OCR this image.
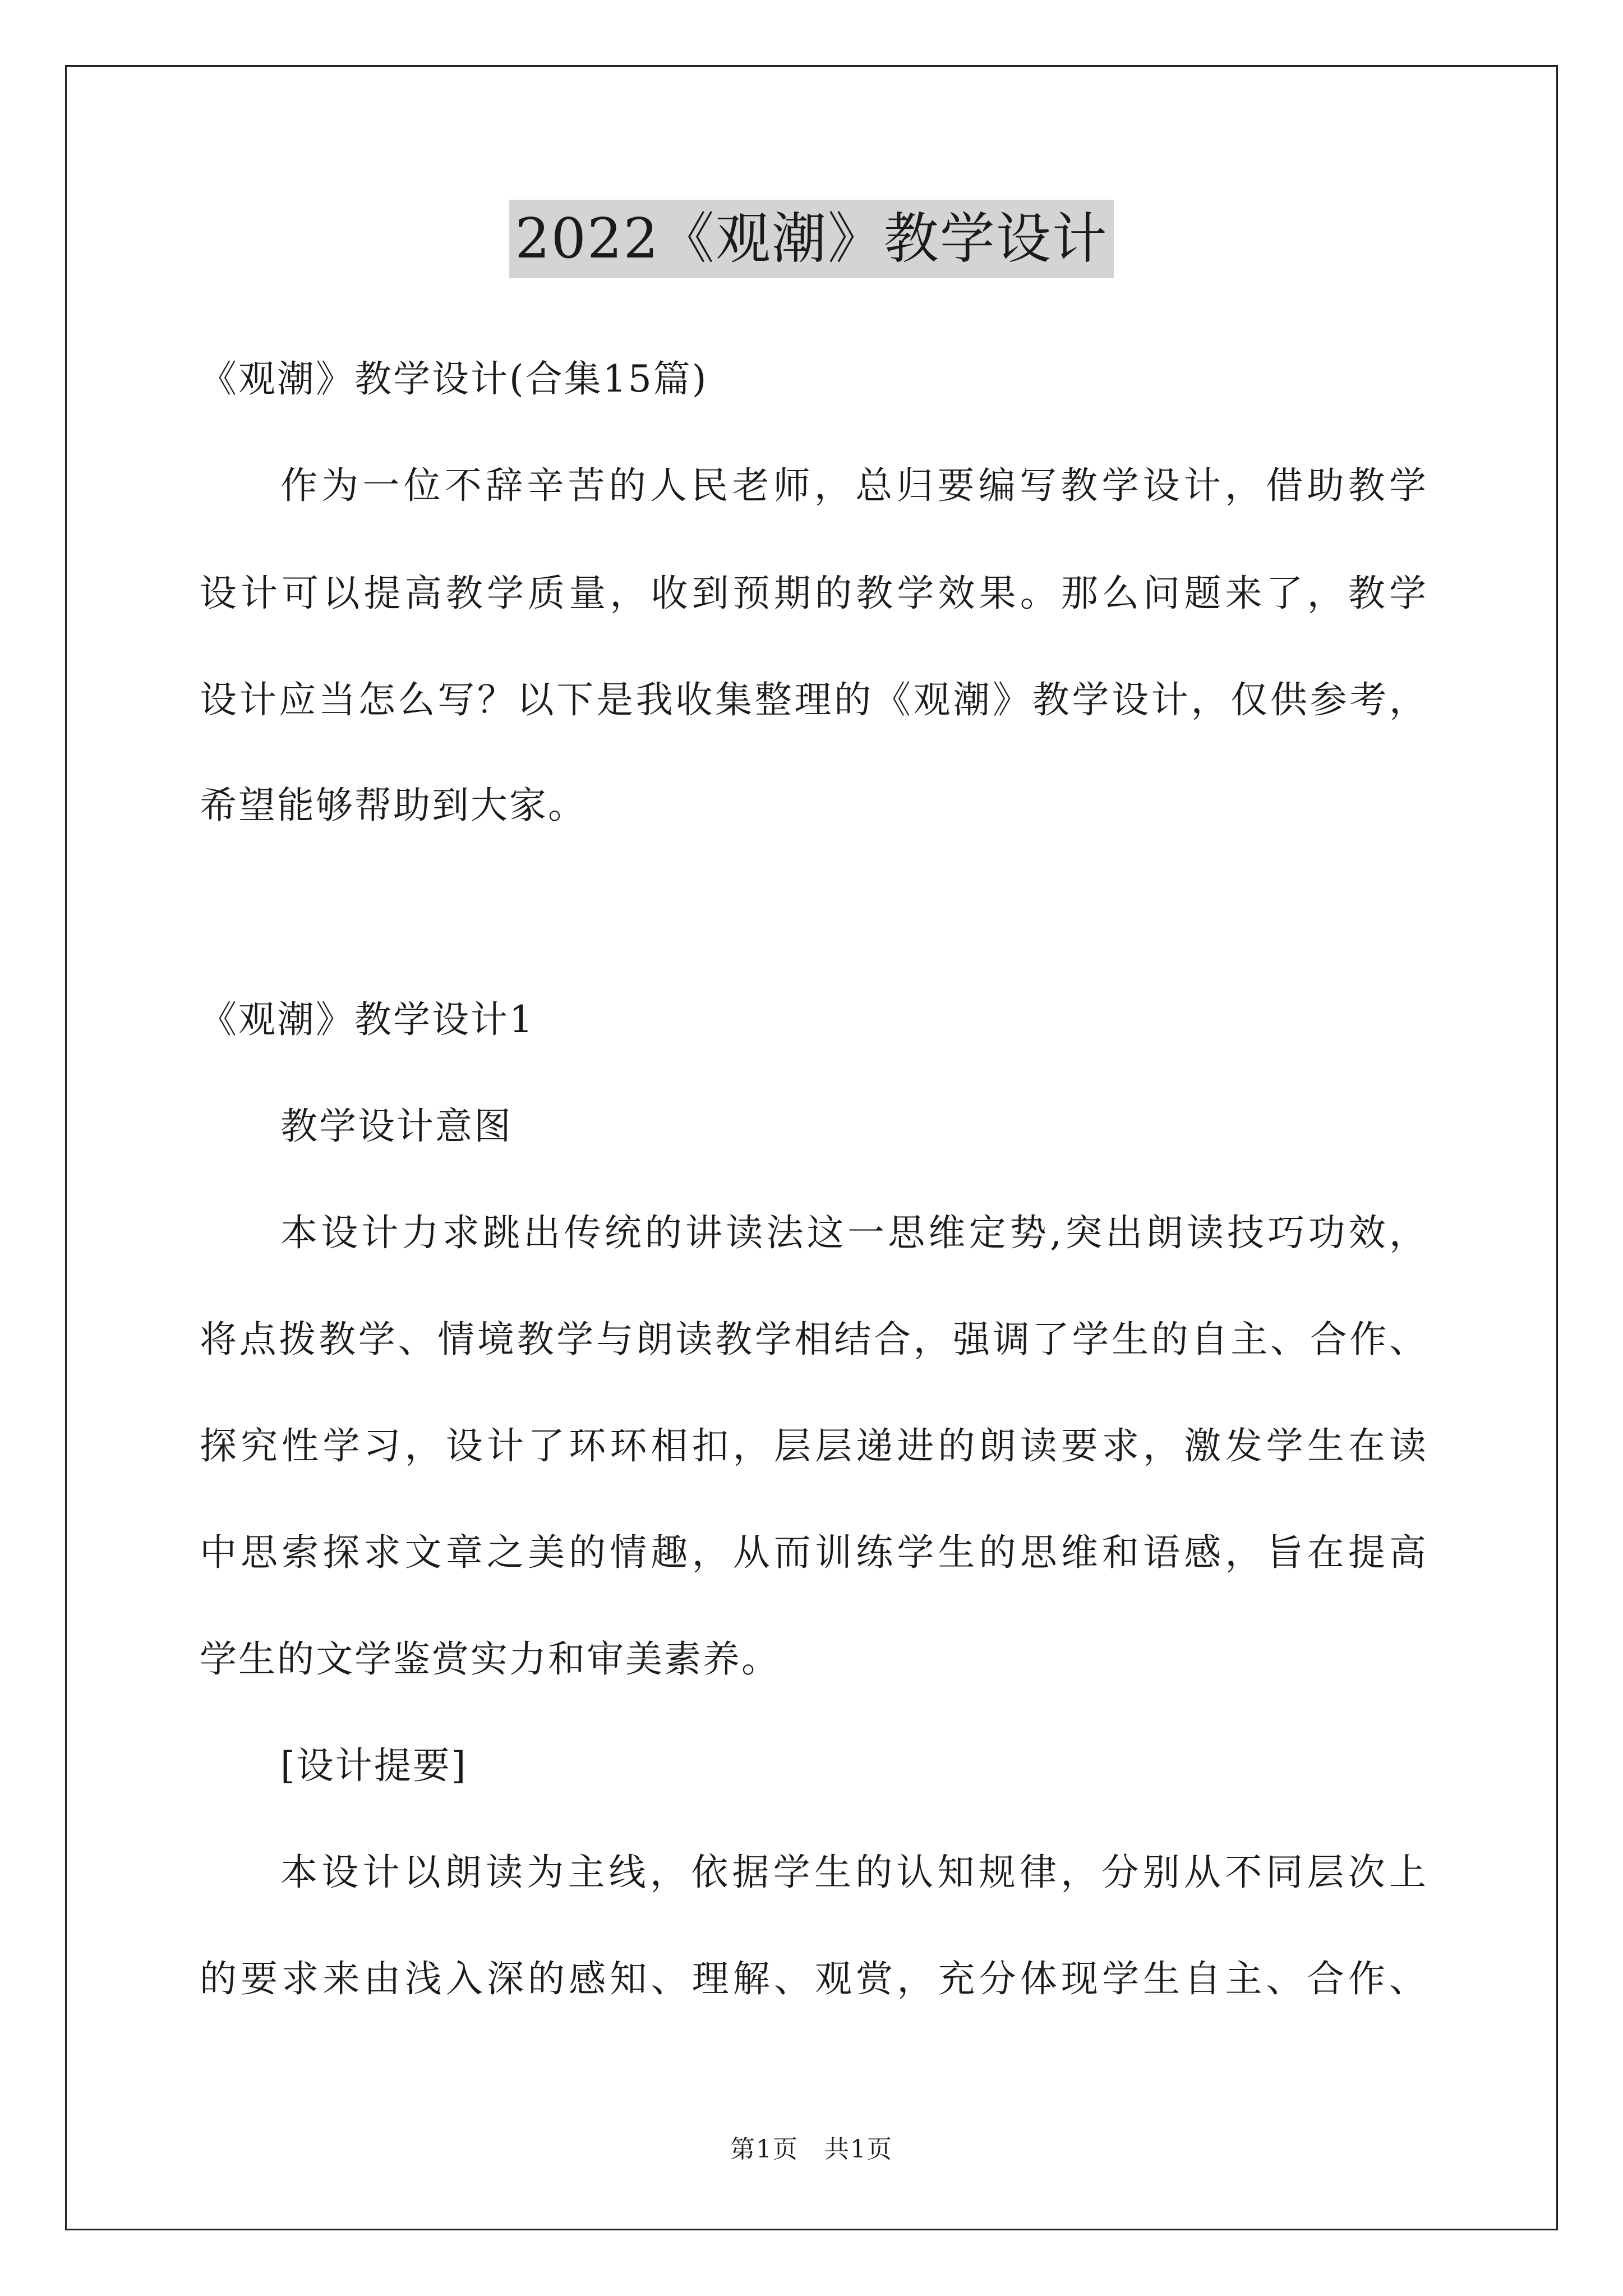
2022《观潮》教学设计
《观潮》教学设计(合集15篇)
作为一位不辞辛苦的人民老师，总归要编写教学设计，借助教学
设计可以提高教学质量，收到预期的教学效果。那么问题来了，教学
设计应当怎么写？以下是我收集整理的《观潮》教学设计，仅供参考，
希望能够帮助到大家。
《观潮》教学设计1
教学设计意图
本设计力求跳出传统的讲读法这一思维定势,突出朗读技巧功效，
将点拨教学、情境教学与朗读教学相结合，强调了学生的自主、合作、
探究性学习，设计了环环相扣，层层递进的朗读要求，激发学生在读
中思索探求文章之美的情趣，从而训练学生的思维和语感，旨在提高
学生的文学鉴赏实力和审美素养。
[设计提要]
本设计以朗读为主线，依据学生的认知规律，分别从不同层次上
的要求来由浅入深的感知、理解、观赏，充分体现学生自主、合作、
第1页　共1页
